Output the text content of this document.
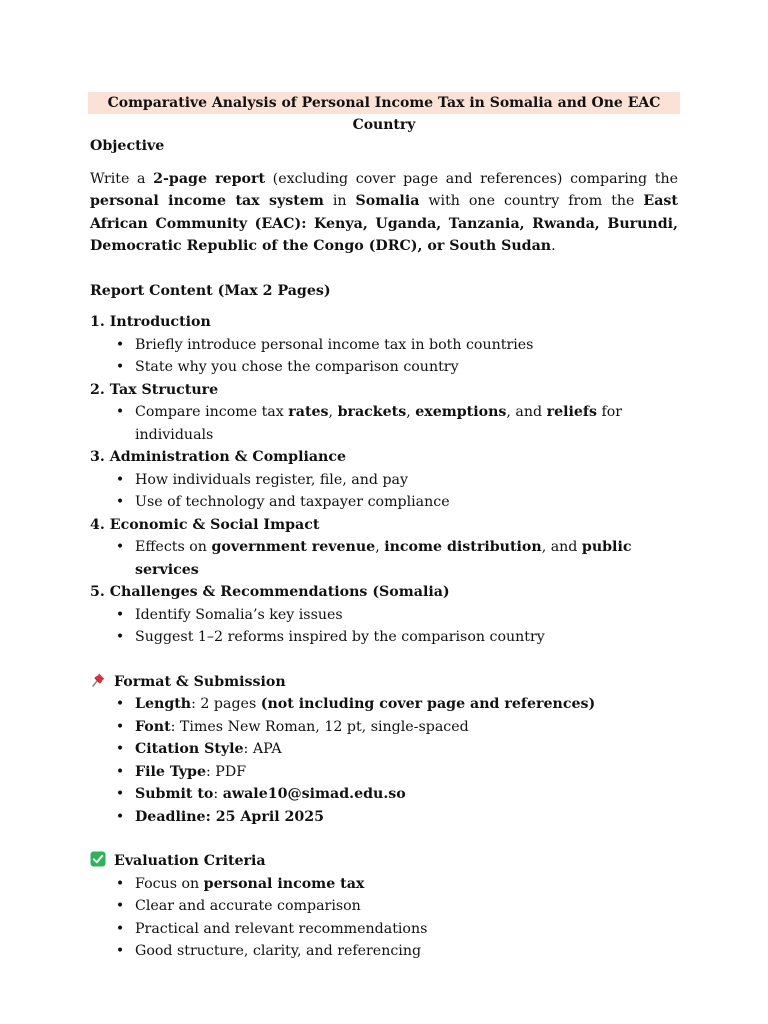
Comparative Analysis of Personal Income Tax in Somalia and One EAC Country

Objective

Write a 2-page report (excluding cover page and references) comparing the personal income tax system in Somalia with one country from the East African Community (EAC): Kenya, Uganda, Tanzania, Rwanda, Burundi, Democratic Republic of the Congo (DRC), or South Sudan.

Report Content (Max 2 Pages)

1. Introduction

• Briefly introduce personal income tax in both countries
• State why you chose the comparison country

2. Tax Structure

• Compare income tax rates, brackets, exemptions, and reliefs for individuals

3. Administration & Compliance

• How individuals register, file, and pay
• Use of technology and taxpayer compliance

4. Economic & Social Impact

• Effects on government revenue, income distribution, and public services

5. Challenges & Recommendations (Somalia)

• Identify Somalia’s key issues
• Suggest 1–2 reforms inspired by the comparison country

Format & Submission

• Length: 2 pages (not including cover page and references)
• Font: Times New Roman, 12 pt, single-spaced
• Citation Style: APA
• File Type: PDF
• Submit to: awale10@simad.edu.so
• Deadline: 25 April 2025

Evaluation Criteria

• Focus on personal income tax
• Clear and accurate comparison
• Practical and relevant recommendations
• Good structure, clarity, and referencing
